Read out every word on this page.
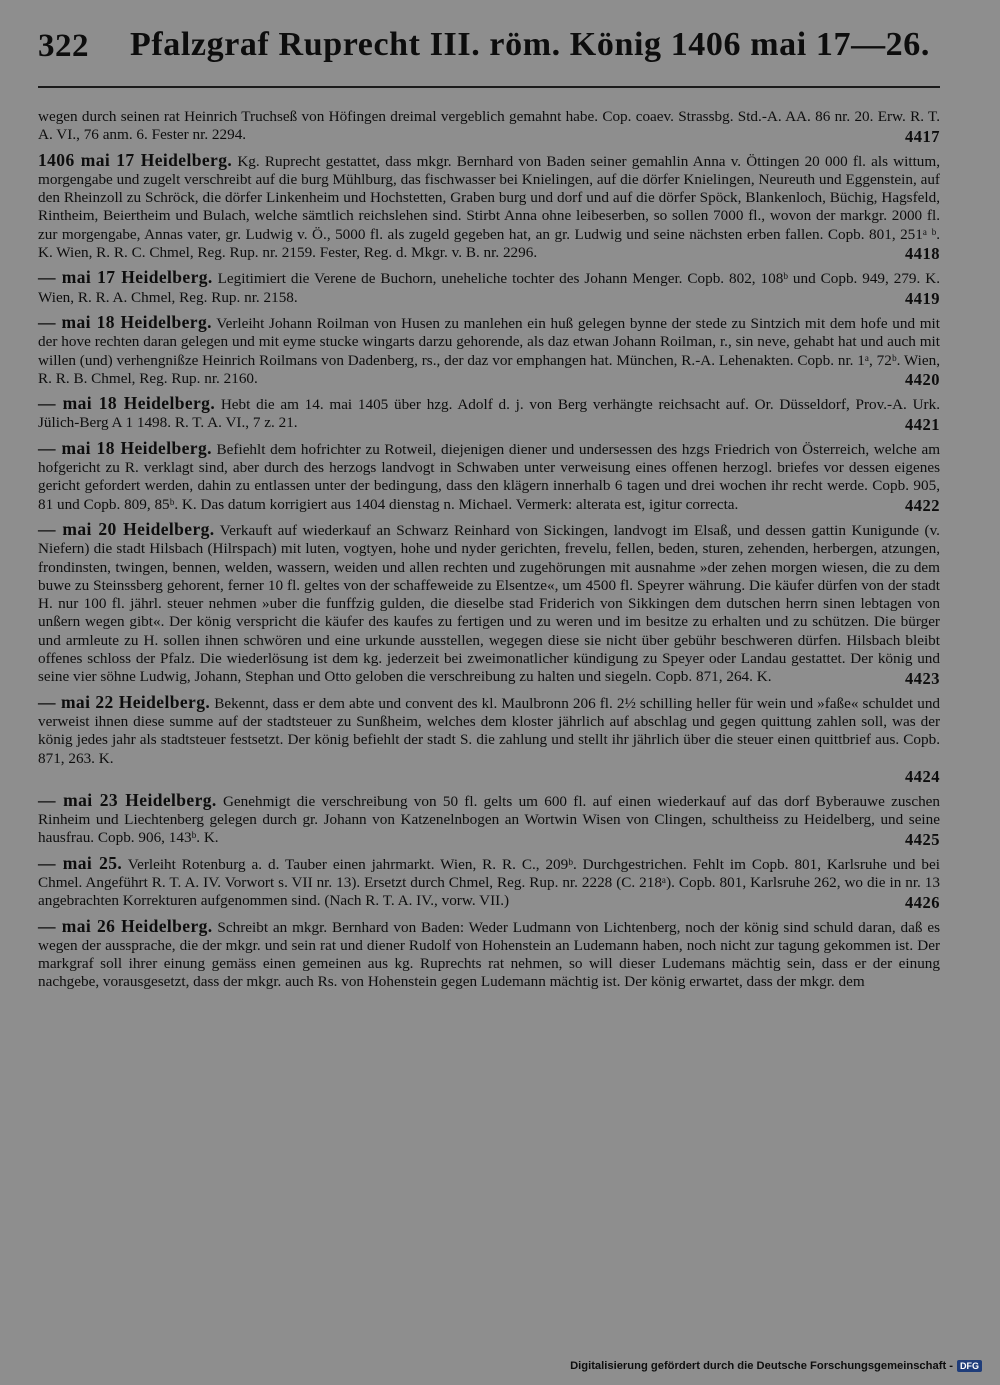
322 Pfalzgraf Ruprecht III. röm. König 1406 mai 17—26.
wegen durch seinen rat Heinrich Truchseß von Höfingen dreimal vergeblich gemahnt habe. Cop. coaev. Strassbg. Std.-A. AA. 86 nr. 20. Erw. R. T. A. VI., 76 anm. 6. Fester nr. 2294.	4417
1406 mai 17 Heidelberg. Kg. Ruprecht gestattet, dass mkgr. Bernhard von Baden seiner gemahlin Anna v. Öttingen 20 000 fl. als wittum, morgengabe und zugelt verschreibt auf die burg Mühlburg, das fischwasser bei Knielingen, auf die dörfer Knielingen, Neureuth und Eggenstein, auf den Rheinzoll zu Schröck, die dörfer Linkenheim und Hochstetten, Graben burg und dorf und auf die dörfer Spöck, Blankenloch, Büchig, Hagsfeld, Rintheim, Beiertheim und Bulach, welche sämtlich reichslehen sind. Stirbt Anna ohne leibeserben, so sollen 7000 fl., wovon der markgr. 2000 fl. zur morgengabe, Annas vater, gr. Ludwig v. Ö., 5000 fl. als zugeld gegeben hat, an gr. Ludwig und seine nächsten erben fallen. Copb. 801, 251ᵃ ᵇ. K. Wien, R. R. C. Chmel, Reg. Rup. nr. 2159. Fester, Reg. d. Mkgr. v. B. nr. 2296.	4418
— mai 17 Heidelberg. Legitimiert die Verene de Buchorn, uneheliche tochter des Johann Menger. Copb. 802, 108ᵇ und Copb. 949, 279. K. Wien, R. R. A. Chmel, Reg. Rup. nr. 2158.	4419
— mai 18 Heidelberg. Verleiht Johann Roilman von Husen zu manlehen ein huß gelegen bynne der stede zu Sintzich mit dem hofe und mit der hove rechten daran gelegen und mit eyme stucke wingarts darzu gehorende, als daz etwan Johann Roilman, r., sin neve, gehabt hat und auch mit willen (und) verhengnißze Heinrich Roilmans von Dadenberg, rs., der daz vor emphangen hat. München, R.-A. Lehenakten. Copb. nr. 1ᵃ, 72ᵇ. Wien, R. R. B. Chmel, Reg. Rup. nr. 2160.	4420
— mai 18 Heidelberg. Hebt die am 14. mai 1405 über hzg. Adolf d. j. von Berg verhängte reichsacht auf. Or. Düsseldorf, Prov.-A. Urk. Jülich-Berg A 1 1498. R. T. A. VI., 7 z. 21.	4421
— mai 18 Heidelberg. Befiehlt dem hofrichter zu Rotweil, diejenigen diener und undersessen des hzgs Friedrich von Österreich, welche am hofgericht zu R. verklagt sind, aber durch des herzogs landvogt in Schwaben unter verweisung eines offenen herzogl. briefes vor dessen eigenes gericht gefordert werden, dahin zu entlassen unter der bedingung, dass den klägern innerhalb 6 tagen und drei wochen ihr recht werde. Copb. 905, 81 und Copb. 809, 85ᵇ. K. Das datum korrigiert aus 1404 dienstag n. Michael. Vermerk: alterata est, igitur correcta.	4422
— mai 20 Heidelberg. Verkauft auf wiederkauf an Schwarz Reinhard von Sickingen, landvogt im Elsaß, und dessen gattin Kunigunde (v. Niefern) die stadt Hilsbach (Hilrspach) mit luten, vogtyen, hohe und nyder gerichten, frevelu, fellen, beden, sturen, zehenden, herbergen, atzungen, frondinsten, twingen, bennen, welden, wassern, weiden und allen rechten und zugehörungen mit ausnahme »der zehen morgen wiesen, die zu dem buwe zu Steinssberg gehorent, ferner 10 fl. geltes von der schaffeweide zu Elsentze«, um 4500 fl. Speyrer währung. Die käufer dürfen von der stadt H. nur 100 fl. jährl. steuer nehmen »uber die funffzig gulden, die dieselbe stad Friderich von Sikkingen dem dutschen herrn sinen lebtagen von unßern wegen gibt«. Der könig verspricht die käufer des kaufes zu fertigen und zu weren und im besitze zu erhalten und zu schützen. Die bürger und armleute zu H. sollen ihnen schwören und eine urkunde ausstellen, wegegen diese sie nicht über gebühr beschweren dürfen. Hilsbach bleibt offenes schloss der Pfalz. Die wiederlösung ist dem kg. jederzeit bei zweimonatlicher kündigung zu Speyer oder Landau gestattet. Der könig und seine vier söhne Ludwig, Johann, Stephan und Otto geloben die verschreibung zu halten und siegeln. Copb. 871, 264. K.	4423
— mai 22 Heidelberg. Bekennt, dass er dem abte und convent des kl. Maulbronn 206 fl. 2½ schilling heller für wein und »faße« schuldet und verweist ihnen diese summe auf der stadtsteuer zu Sunßheim, welches dem kloster jährlich auf abschlag und gegen quittung zahlen soll, was der könig jedes jahr als stadtsteuer festsetzt. Der könig befiehlt der stadt S. die zahlung und stellt ihr jährlich über die steuer einen quittbrief aus. Copb. 871, 263. K.
4424
— mai 23 Heidelberg. Genehmigt die verschreibung von 50 fl. gelts um 600 fl. auf einen wiederkauf auf das dorf Byberauwe zuschen Rinheim und Liechtenberg gelegen durch gr. Johann von Katzenelnbogen an Wortwin Wisen von Clingen, schultheiss zu Heidelberg, und seine hausfrau. Copb. 906, 143ᵇ. K.	4425
— mai 25. Verleiht Rotenburg a. d. Tauber einen jahrmarkt. Wien, R. R. C., 209ᵇ. Durchgestrichen. Fehlt im Copb. 801, Karlsruhe und bei Chmel. Angeführt R. T. A. IV. Vorwort s. VII nr. 13). Ersetzt durch Chmel, Reg. Rup. nr. 2228 (C. 218ᵃ). Copb. 801, Karlsruhe 262, wo die in nr. 13 angebrachten Korrekturen aufgenommen sind. (Nach R. T. A. IV., vorw. VII.)	4426
— mai 26 Heidelberg. Schreibt an mkgr. Bernhard von Baden: Weder Ludmann von Lichtenberg, noch der könig sind schuld daran, daß es wegen der aussprache, die der mkgr. und sein rat und diener Rudolf von Hohenstein an Ludemann haben, noch nicht zur tagung gekommen ist. Der markgraf soll ihrer einung gemäss einen gemeinen aus kg. Ruprechts rat nehmen, so will dieser Ludemans mächtig sein, dass er der einung nachgebe, vorausgesetzt, dass der mkgr. auch Rs. von Hohenstein gegen Ludemann mächtig ist. Der könig erwartet, dass der mkgr. dem
Digitalisierung gefördert durch die Deutsche Forschungsgemeinschaft - DFG
